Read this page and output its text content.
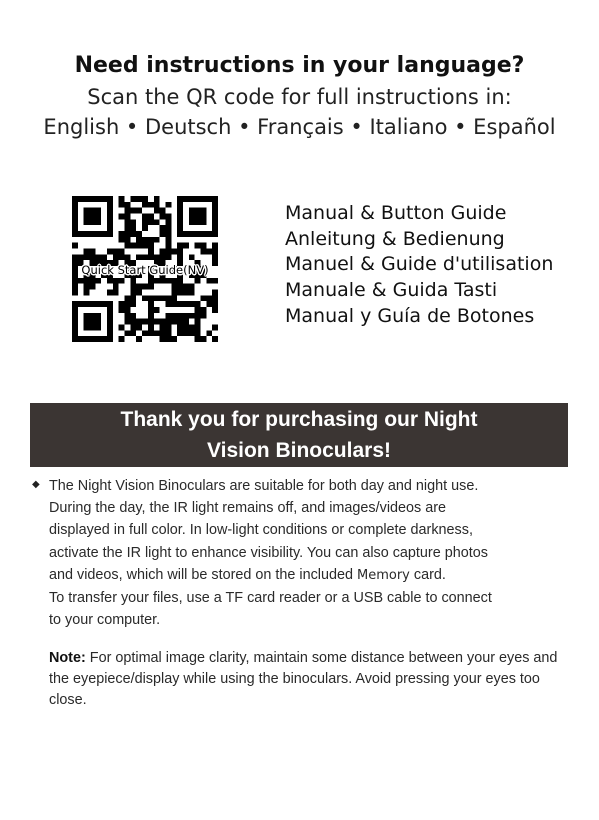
Need instructions in your language?
Scan the QR code for full instructions in:
English • Deutsch • Français • Italiano • Español
Quick Start Guide(NV)
Manual & Button Guide
Anleitung & Bedienung
Manuel & Guide d'utilisation
Manuale & Guida Tasti
Manual y Guía de Botones
Thank you for purchasing our Night
Vision Binoculars!
◆ The Night Vision Binoculars are suitable for both day and night use.
During the day, the IR light remains off, and images/videos are
displayed in full color. In low-light conditions or complete darkness,
activate the IR light to enhance visibility. You can also capture photos
and videos, which will be stored on the included Memory card.
To transfer your files, use a TF card reader or a USB cable to connect
to your computer.
Note: For optimal image clarity, maintain some distance between your eyes and the eyepiece/display while using the binoculars. Avoid pressing your eyes too close.
